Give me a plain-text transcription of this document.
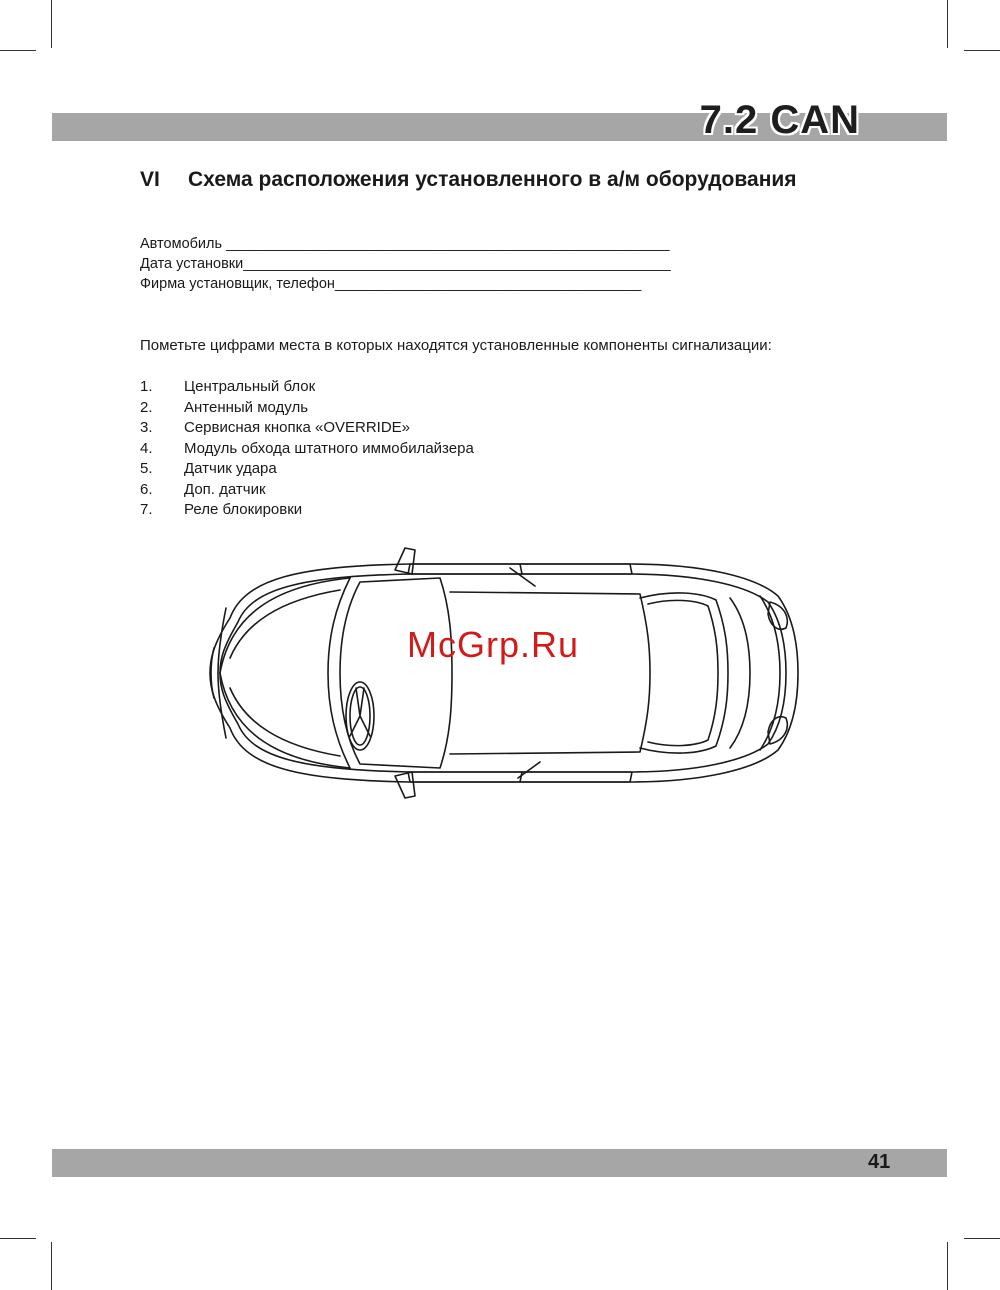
7.2 CAN
VI Схема расположения установленного в а/м оборудования
Автомобиль _______________________________________________________
Дата установки_____________________________________________________
Фирма установщик, телефон______________________________________
Пометьте цифрами места в которых находятся установленные компоненты сигнализации:
1. Центральный блок
2. Антенный модуль
3. Сервисная кнопка «OVERRIDE»
4. Модуль обхода штатного иммобилайзера
5. Датчик удара
6. Доп. датчик
7. Реле блокировки
McGrp.Ru
41
